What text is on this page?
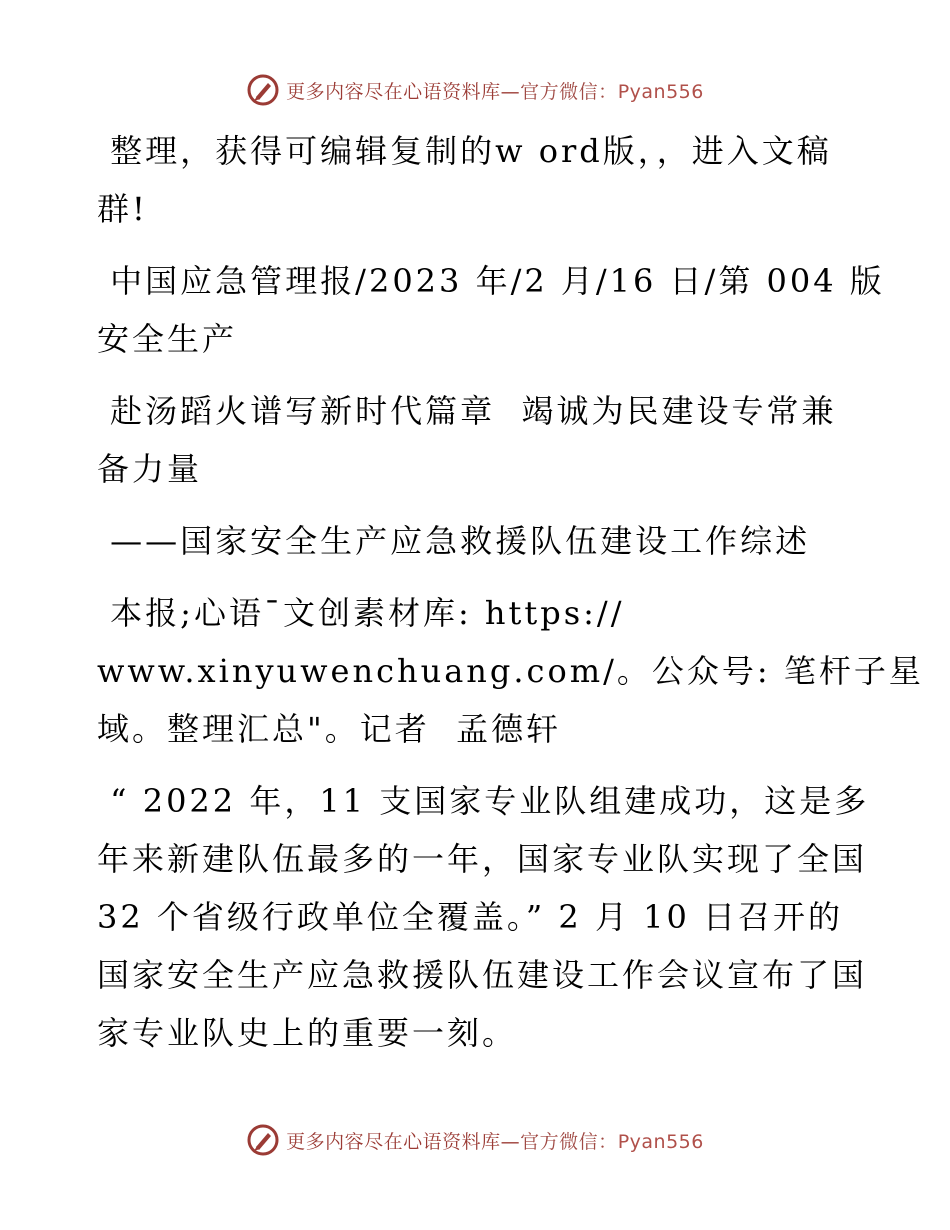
更多内容尽在心语资料库—官方微信：Pyan556

整理，获得可编辑复制的w ord版，，进入文稿
群!

中国应急管理报/2023 年/2 月/16 日/第 004 版
安全生产

赴汤蹈火谱写新时代篇章  竭诚为民建设专常兼
备力量

——国家安全生产应急救援队伍建设工作综述

本报;心语¯文创素材库: https://
www.xinyuwenchuang.com/。公众号: 笔杆子星
域。整理汇总"。记者  孟德轩

“ 2022 年，11 支国家专业队组建成功，这是多
年来新建队伍最多的一年，国家专业队实现了全国
32 个省级行政单位全覆盖。” 2 月 10 日召开的
国家安全生产应急救援队伍建设工作会议宣布了国
家专业队史上的重要一刻。

更多内容尽在心语资料库—官方微信：Pyan556
